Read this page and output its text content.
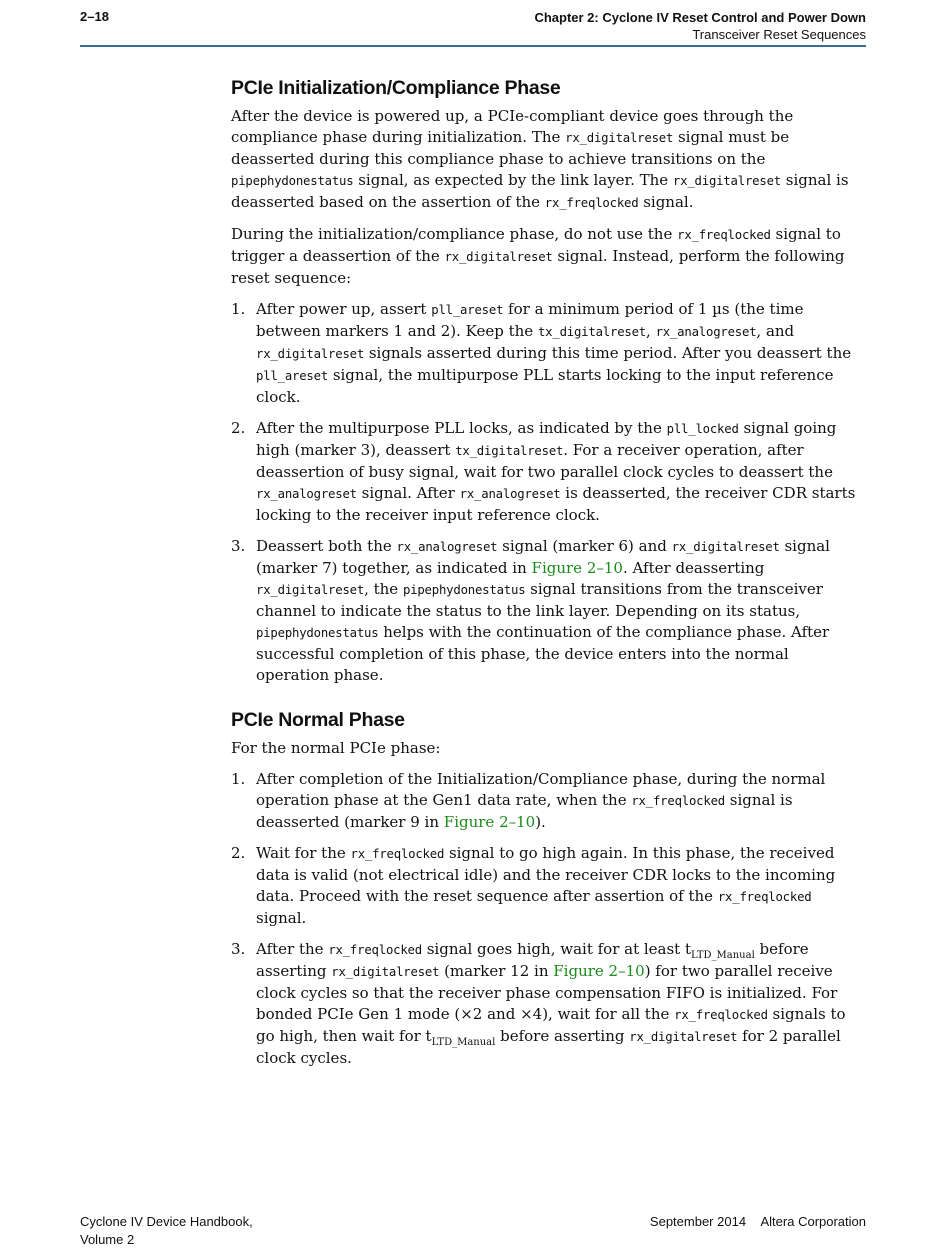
2–18	Chapter 2: Cyclone IV Reset Control and Power Down
Transceiver Reset Sequences
PCIe Initialization/Compliance Phase

After the device is powered up, a PCIe-compliant device goes through the compliance phase during initialization. The rx_digitalreset signal must be deasserted during this compliance phase to achieve transitions on the pipephydonestatus signal, as expected by the link layer. The rx_digitalreset signal is deasserted based on the assertion of the rx_freqlocked signal.

During the initialization/compliance phase, do not use the rx_freqlocked signal to trigger a deassertion of the rx_digitalreset signal. Instead, perform the following reset sequence:

1. After power up, assert pll_areset for a minimum period of 1 µs (the time between markers 1 and 2). Keep the tx_digitalreset, rx_analogreset, and rx_digitalreset signals asserted during this time period. After you deassert the pll_areset signal, the multipurpose PLL starts locking to the input reference clock.
2. After the multipurpose PLL locks, as indicated by the pll_locked signal going high (marker 3), deassert tx_digitalreset. For a receiver operation, after deassertion of busy signal, wait for two parallel clock cycles to deassert the rx_analogreset signal. After rx_analogreset is deasserted, the receiver CDR starts locking to the receiver input reference clock.
3. Deassert both the rx_analogreset signal (marker 6) and rx_digitalreset signal (marker 7) together, as indicated in Figure 2–10. After deasserting rx_digitalreset, the pipephydonestatus signal transitions from the transceiver channel to indicate the status to the link layer. Depending on its status, pipephydonestatus helps with the continuation of the compliance phase. After successful completion of this phase, the device enters into the normal operation phase.
PCIe Normal Phase

For the normal PCIe phase:

1. After completion of the Initialization/Compliance phase, during the normal operation phase at the Gen1 data rate, when the rx_freqlocked signal is deasserted (marker 9 in Figure 2–10).
2. Wait for the rx_freqlocked signal to go high again. In this phase, the received data is valid (not electrical idle) and the receiver CDR locks to the incoming data. Proceed with the reset sequence after assertion of the rx_freqlocked signal.
3. After the rx_freqlocked signal goes high, wait for at least $t_{LTD\_Manual}$ before asserting rx_digitalreset (marker 12 in Figure 2–10) for two parallel receive clock cycles so that the receiver phase compensation FIFO is initialized. For bonded PCIe Gen 1 mode (×2 and ×4), wait for all the rx_freqlocked signals to go high, then wait for $t_{LTD\_Manual}$ before asserting rx_digitalreset for 2 parallel clock cycles.
Cyclone IV Device Handbook,
Volume 2
September 2014 Altera Corporation
